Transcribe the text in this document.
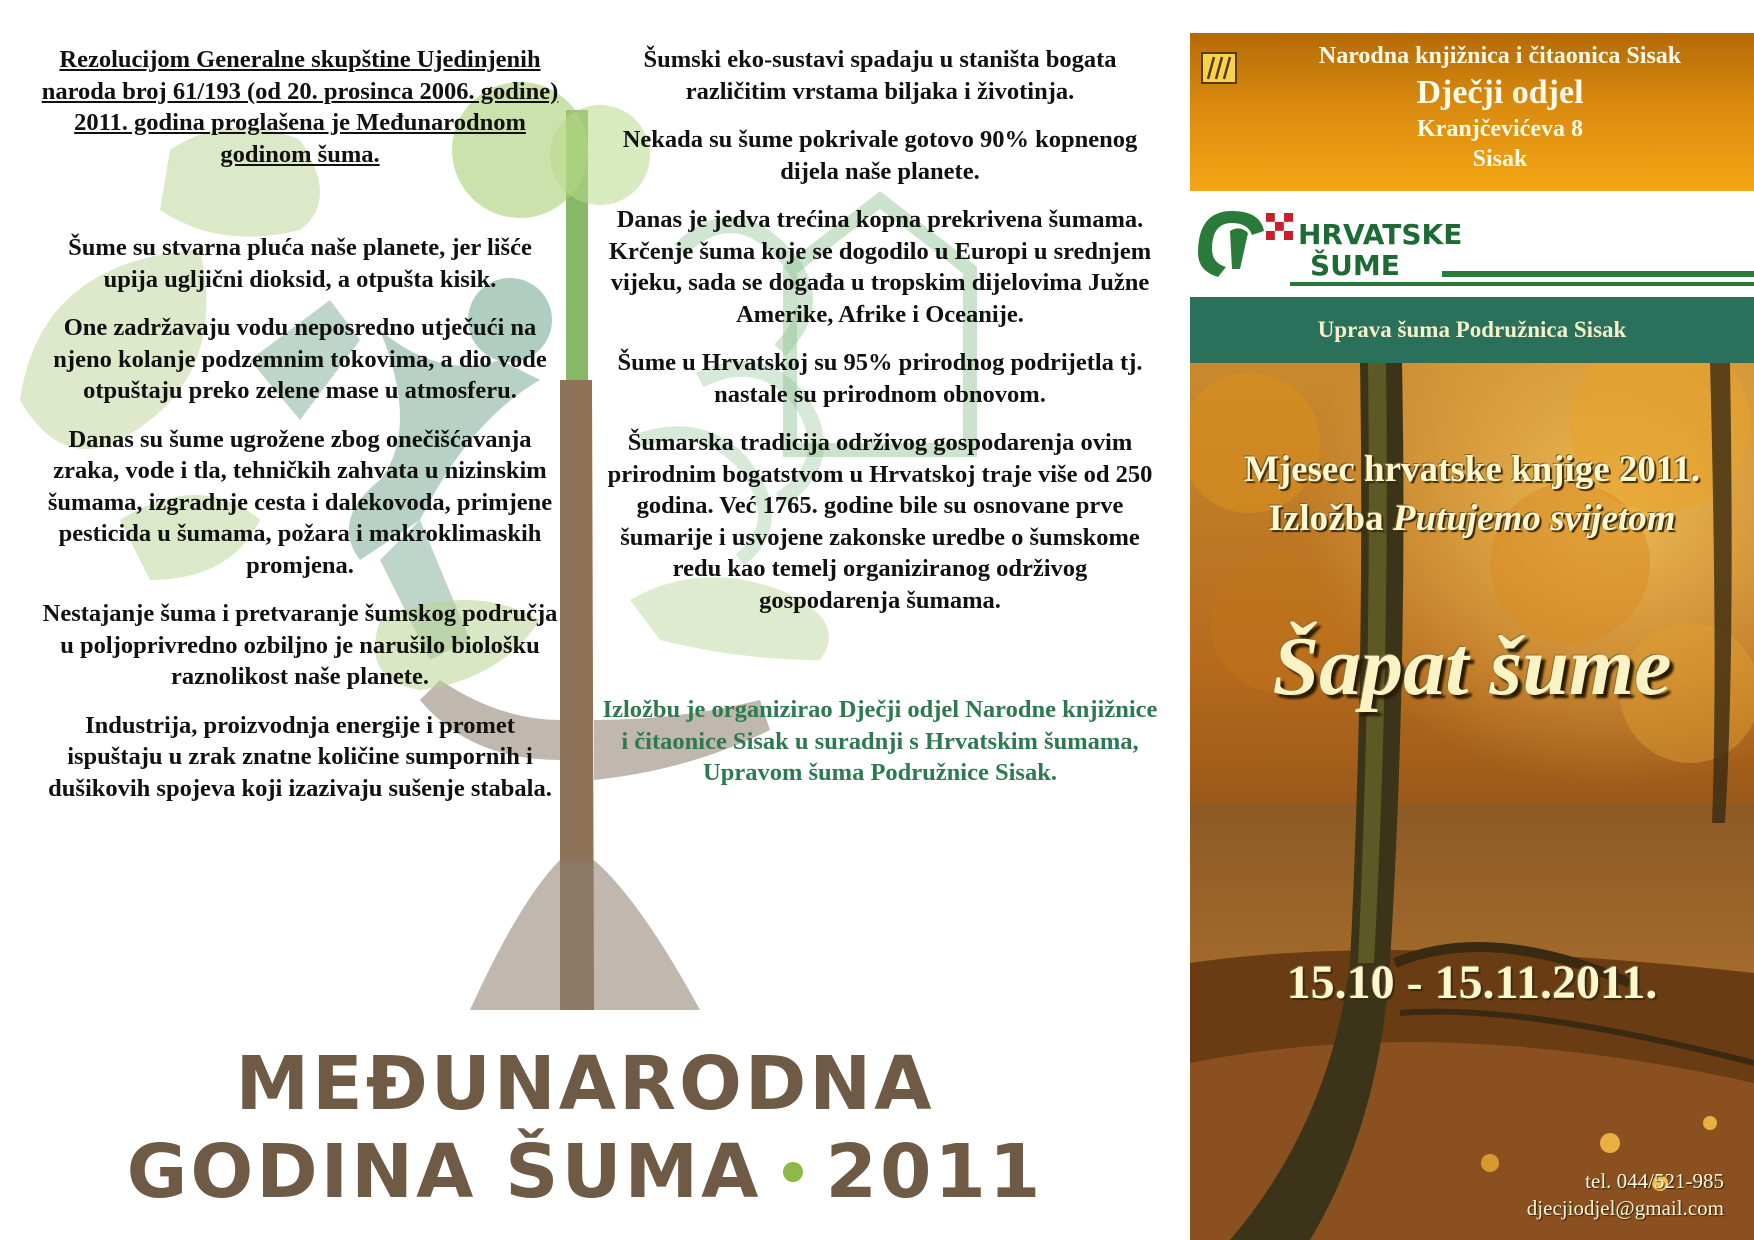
Rezolucijom Generalne skupštine Ujedinjenih naroda broj 61/193 (od 20. prosinca 2006. godine) 2011. godina proglašena je Međunarodnom godinom šuma.

Šume su stvarna pluća naše planete, jer lišće upija ugljični dioksid, a otpušta kisik.

One zadržavaju vodu neposredno utječući na njeno kolanje podzemnim tokovima, a dio vode otpuštaju preko zelene mase u atmosferu.

Danas su šume ugrožene zbog onečišćavanja zraka, vode i tla, tehničkih zahvata u nizinskim šumama, izgradnje cesta i dalekovoda, primjene pesticida u šumama, požara i makroklimaskih promjena.

Nestajanje šuma i pretvaranje šumskog područja u poljoprivredno ozbiljno je narušilo biološku raznolikost naše planete.

Industrija, proizvodnja energije i promet ispuštaju u zrak znatne količine sumpornih i dušikovih spojeva koji izazivaju sušenje stabala.

Šumski eko-sustavi spadaju u staništa bogata različitim vrstama biljaka i životinja.

Nekada su šume pokrivale gotovo 90% kopnenog dijela naše planete.

Danas je jedva trećina kopna prekrivena šumama. Krčenje šuma koje se dogodilo u Europi u srednjem vijeku, sada se događa u tropskim dijelovima Južne Amerike, Afrike i Oceanije.

Šume u Hrvatskoj su 95% prirodnog podrijetla tj. nastale su prirodnom obnovom.

Šumarska tradicija održivog gospodarenja ovim prirodnim bogatstvom u Hrvatskoj traje više od 250 godina. Već 1765. godine bile su osnovane prve šumarije i usvojene zakonske uredbe o šumskome redu kao temelj organiziranog održivog gospodarenja šumama.

Izložbu je organizirao Dječji odjel Narodne knjižnice i čitaonice Sisak u suradnji s Hrvatskim šumama, Upravom šuma Podružnice Sisak.

MEĐUNARODNA
GODINA ŠUMA 2011
Narodna knjižnica i čitaonica Sisak
Dječji odjel
Kranjčevićeva 8
Sisak
HRVATSKE
ŠUME
Uprava šuma Podružnica Sisak
Mjesec hrvatske knjige 2011.
Izložba Putujemo svijetom
Šapat šume
15.10 - 15.11.2011.
tel. 044/521-985
djecjiodjel@gmail.com
